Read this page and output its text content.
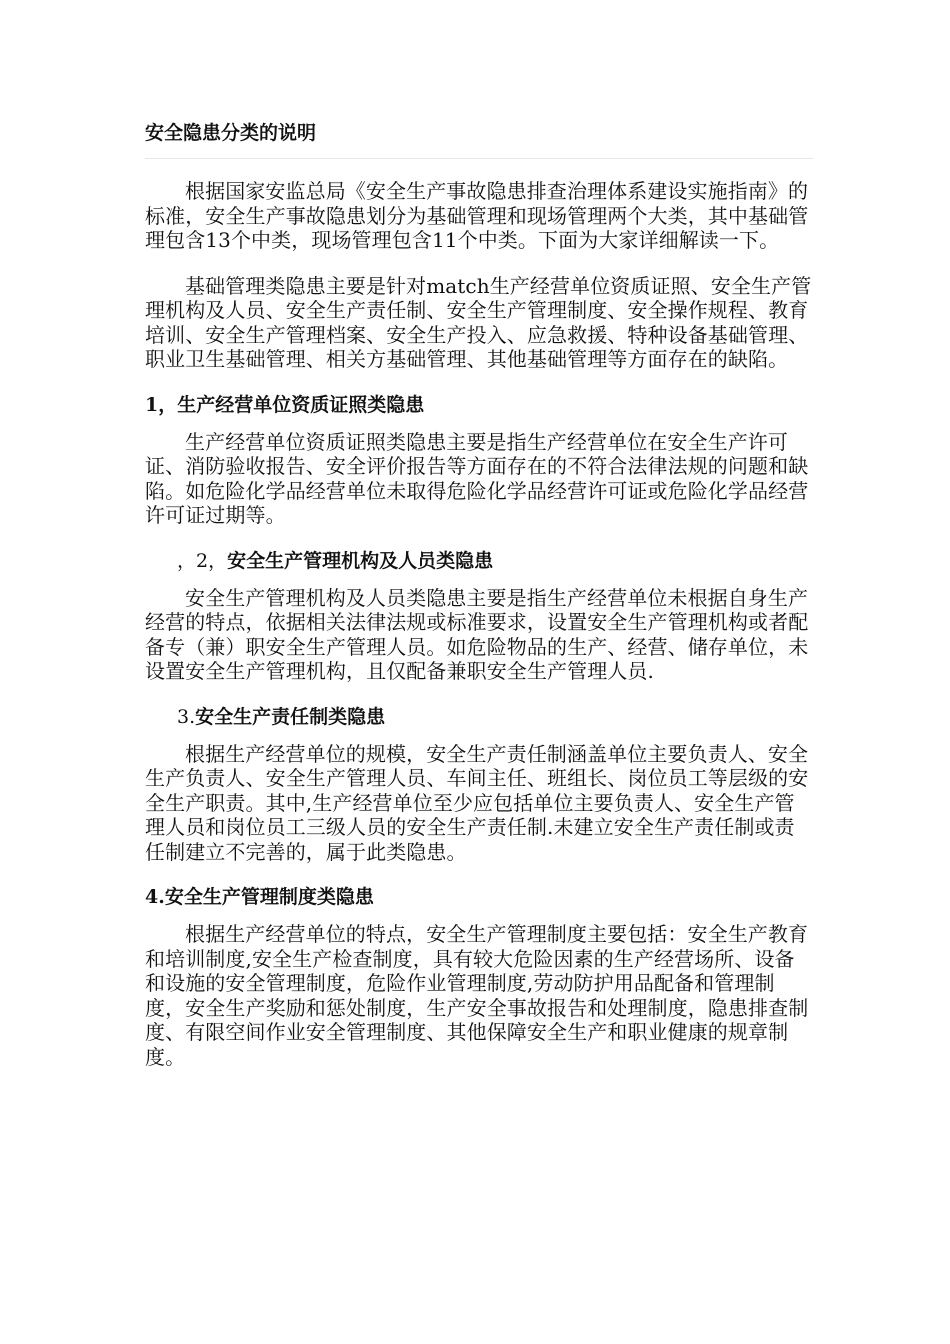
安全隐患分类的说明

根据国家安监总局《安全生产事故隐患排查治理体系建设实施指南》的标准，安全生产事故隐患划分为基础管理和现场管理两个大类，其中基础管理包含13个中类，现场管理包含11个中类。下面为大家详细解读一下。

基础管理类隐患主要是针对match生产经营单位资质证照、安全生产管理机构及人员、安全生产责任制、安全生产管理制度、安全操作规程、教育培训、安全生产管理档案、安全生产投入、应急救援、特种设备基础管理、职业卫生基础管理、相关方基础管理、其他基础管理等方面存在的缺陷。

1，生产经营单位资质证照类隐患

生产经营单位资质证照类隐患主要是指生产经营单位在安全生产许可证、消防验收报告、安全评价报告等方面存在的不符合法律法规的问题和缺陷。如危险化学品经营单位未取得危险化学品经营许可证或危险化学品经营许可证过期等。

，2，安全生产管理机构及人员类隐患

安全生产管理机构及人员类隐患主要是指生产经营单位未根据自身生产经营的特点，依据相关法律法规或标准要求，设置安全生产管理机构或者配备专（兼）职安全生产管理人员。如危险物品的生产、经营、储存单位，未设置安全生产管理机构，且仅配备兼职安全生产管理人员.

3.安全生产责任制类隐患

根据生产经营单位的规模，安全生产责任制涵盖单位主要负责人、安全生产负责人、安全生产管理人员、车间主任、班组长、岗位员工等层级的安全生产职责。其中,生产经营单位至少应包括单位主要负责人、安全生产管理人员和岗位员工三级人员的安全生产责任制.未建立安全生产责任制或责任制建立不完善的，属于此类隐患。

4.安全生产管理制度类隐患

根据生产经营单位的特点，安全生产管理制度主要包括：安全生产教育和培训制度,安全生产检查制度，具有较大危险因素的生产经营场所、设备和设施的安全管理制度，危险作业管理制度,劳动防护用品配备和管理制度，安全生产奖励和惩处制度，生产安全事故报告和处理制度，隐患排查制度、有限空间作业安全管理制度、其他保障安全生产和职业健康的规章制度。
